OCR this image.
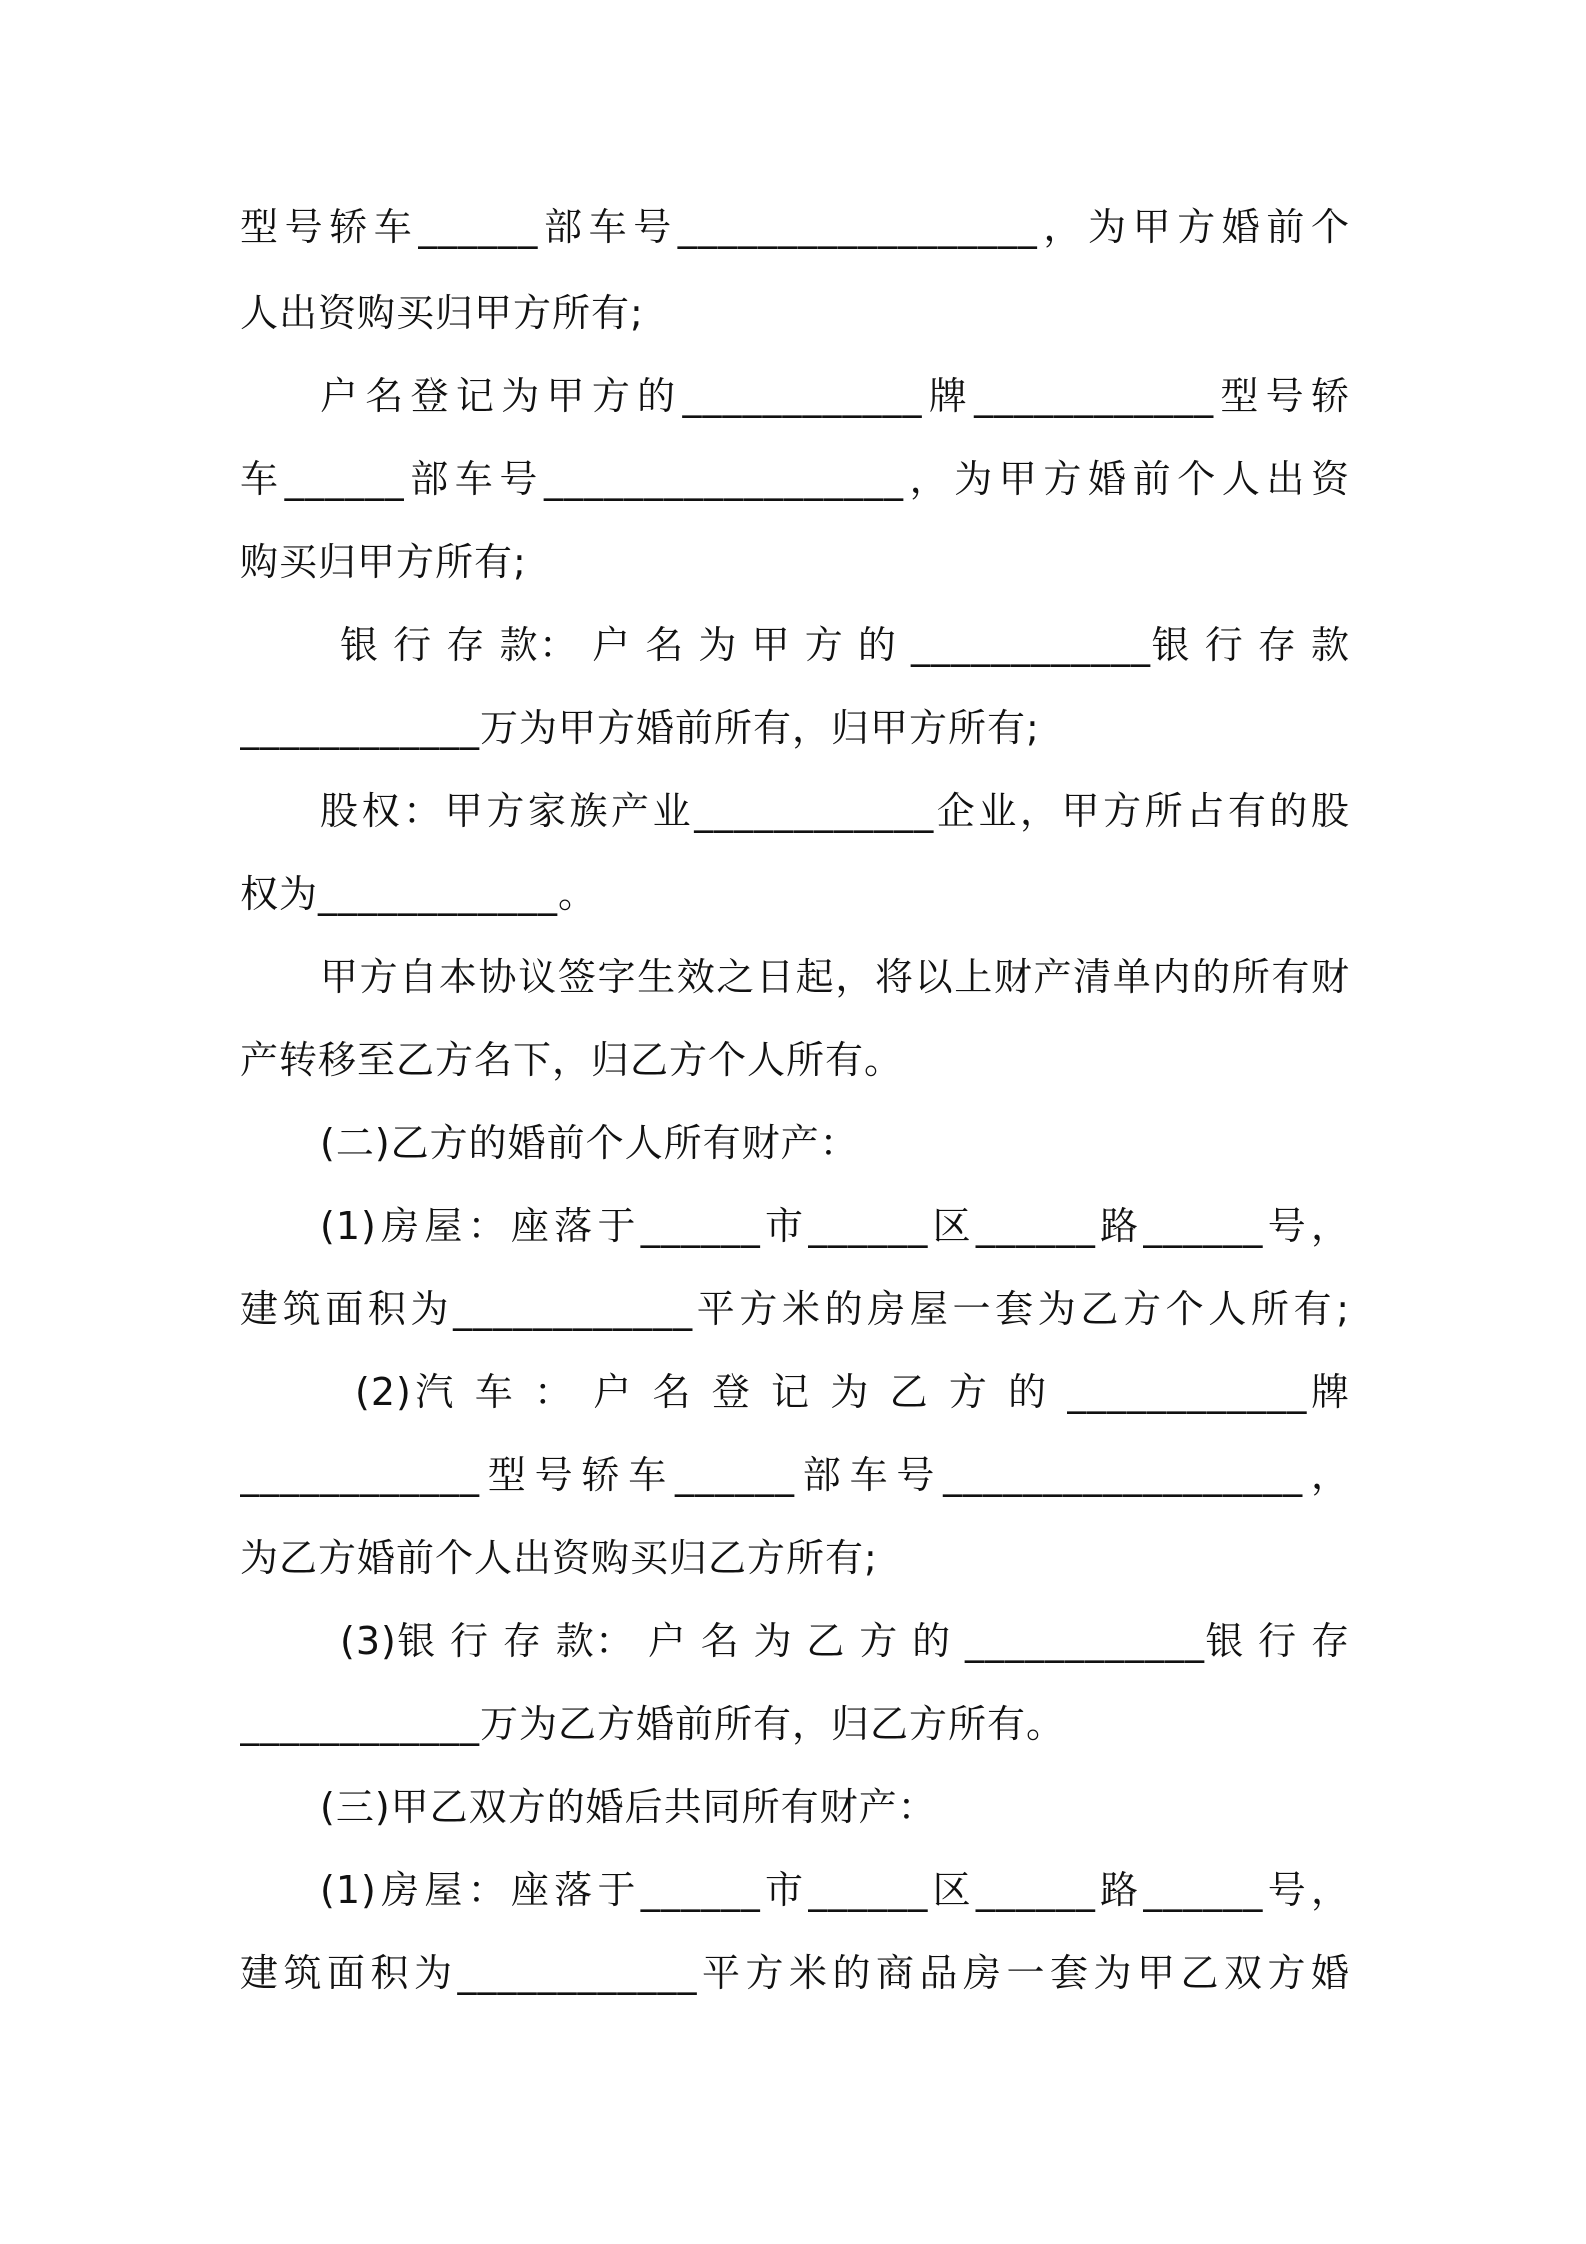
型号轿车______部车号__________________，为甲方婚前个
人出资购买归甲方所有;
户名登记为甲方的____________牌____________型号轿
车______部车号__________________，为甲方婚前个人出资
购买归甲方所有;
银 行 存 款： 户 名 为 甲 方 的 ____________银 行 存 款
____________万为甲方婚前所有，归甲方所有;
股权：甲方家族产业____________企业，甲方所占有的股
权为____________。
甲方自本协议签字生效之日起，将以上财产清单内的所有财
产转移至乙方名下，归乙方个人所有。
(二)乙方的婚前个人所有财产：
(1)房屋：座落于______市______区______路______号，
建筑面积为____________平方米的房屋一套为乙方个人所有;
(2)汽 车 ： 户 名 登 记 为 乙 方 的 ____________牌
____________型号轿车______部车号__________________，
为乙方婚前个人出资购买归乙方所有;
(3)银 行 存 款： 户 名 为 乙 方 的 ____________银 行 存
____________万为乙方婚前所有，归乙方所有。
(三)甲乙双方的婚后共同所有财产：
(1)房屋：座落于______市______区______路______号，
建筑面积为____________平方米的商品房一套为甲乙双方婚
